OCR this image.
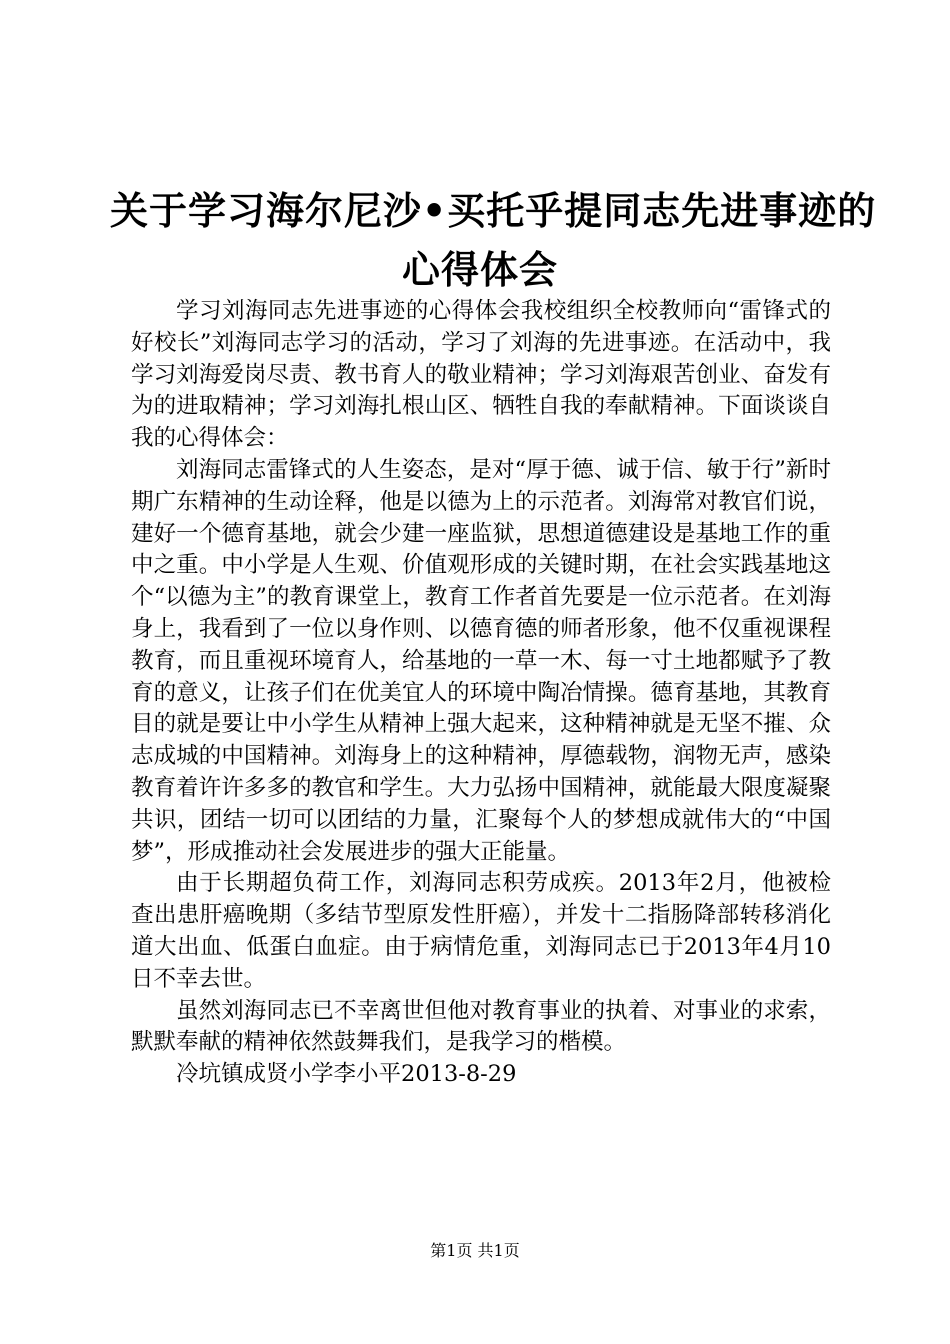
关于学习海尔尼沙•买托乎提同志先进事迹的
心得体会

学习刘海同志先进事迹的心得体会我校组织全校教师向“雷锋式的好校长”刘海同志学习的活动，学习了刘海的先进事迹。在活动中，我学习刘海爱岗尽责、教书育人的敬业精神；学习刘海艰苦创业、奋发有为的进取精神；学习刘海扎根山区、牺牲自我的奉献精神。下面谈谈自我的心得体会：

刘海同志雷锋式的人生姿态，是对“厚于德、诚于信、敏于行”新时期广东精神的生动诠释，他是以德为上的示范者。刘海常对教官们说，建好一个德育基地，就会少建一座监狱，思想道德建设是基地工作的重中之重。中小学是人生观、价值观形成的关键时期，在社会实践基地这个“以德为主”的教育课堂上，教育工作者首先要是一位示范者。在刘海身上，我看到了一位以身作则、以德育德的师者形象，他不仅重视课程教育，而且重视环境育人，给基地的一草一木、每一寸土地都赋予了教育的意义，让孩子们在优美宜人的环境中陶冶情操。德育基地，其教育目的就是要让中小学生从精神上强大起来，这种精神就是无坚不摧、众志成城的中国精神。刘海身上的这种精神，厚德载物，润物无声，感染教育着许许多多的教官和学生。大力弘扬中国精神，就能最大限度凝聚共识，团结一切可以团结的力量，汇聚每个人的梦想成就伟大的“中国梦”，形成推动社会发展进步的强大正能量。

由于长期超负荷工作，刘海同志积劳成疾。2013年2月，他被检查出患肝癌晚期（多结节型原发性肝癌），并发十二指肠降部转移消化道大出血、低蛋白血症。由于病情危重，刘海同志已于2013年4月10日不幸去世。

虽然刘海同志已不幸离世但他对教育事业的执着、对事业的求索，默默奉献的精神依然鼓舞我们，是我学习的楷模。

冷坑镇成贤小学李小平2013-8-29

第1页 共1页
